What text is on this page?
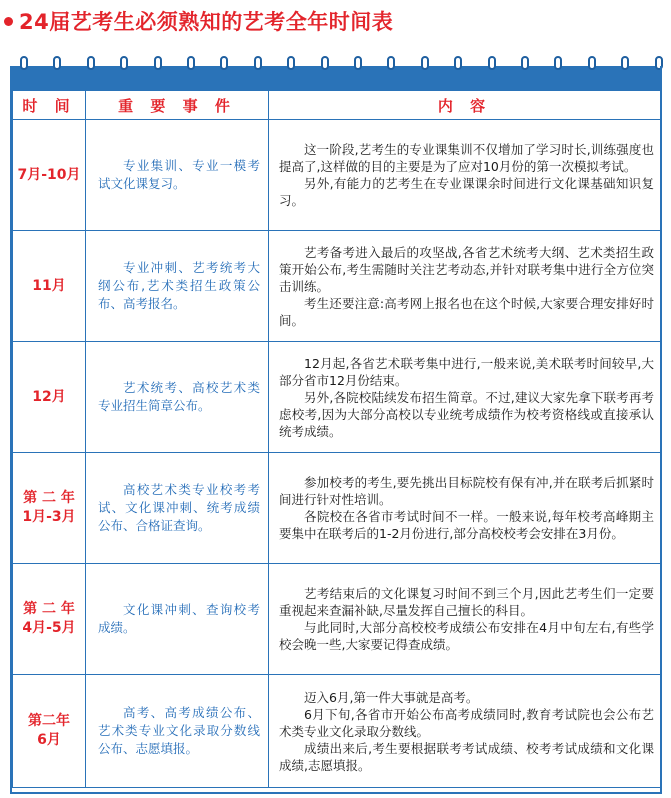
24届艺考生必须熟知的艺考全年时间表
时 间	重 要 事 件	内 容

7月-10月	专业集训、专业一模考试文化课复习。	这一阶段,艺考生的专业课集训不仅增加了学习时长,训练强度也提高了,这样做的目的主要是为了应对10月份的第一次模拟考试。
另外,有能力的艺考生在专业课课余时间进行文化课基础知识复习。

11月	专业冲刺、艺考统考大纲公布,艺术类招生政策公布、高考报名。	艺考备考进入最后的攻坚战,各省艺术统考大纲、艺术类招生政策开始公布,考生需随时关注艺考动态,并针对联考集中进行全方位突击训练。
考生还要注意:高考网上报名也在这个时候,大家要合理安排好时间。

12月	艺术统考、高校艺术类专业招生简章公布。	12月起,各省艺术联考集中进行,一般来说,美术联考时间较早,大部分省市12月份结束。
另外,各院校陆续发布招生简章。不过,建议大家先拿下联考再考虑校考,因为大部分高校以专业统考成绩作为校考资格线或直接承认统考成绩。

第 二 年
1月-3月	高校艺术类专业校考考试、文化课冲刺、统考成绩公布、合格证查询。	参加校考的考生,要先挑出目标院校有保有冲,并在联考后抓紧时间进行针对性培训。
各院校在各省市考试时间不一样。一般来说,每年校考高峰期主要集中在联考后的1-2月份进行,部分高校校考会安排在3月份。

第 二 年
4月-5月	文化课冲刺、查询校考成绩。	艺考结束后的文化课复习时间不到三个月,因此艺考生们一定要重视起来查漏补缺,尽量发挥自己擅长的科目。
与此同时,大部分高校校考成绩公布安排在4月中旬左右,有些学校会晚一些,大家要记得查成绩。

第二年
6月	高考、高考成绩公布、艺术类专业文化录取分数线公布、志愿填报。	迈入6月,第一件大事就是高考。
6月下旬,各省市开始公布高考成绩同时,教育考试院也会公布艺术类专业文化录取分数线。
成绩出来后,考生要根据联考考试成绩、校考考试成绩和文化课成绩,志愿填报。
